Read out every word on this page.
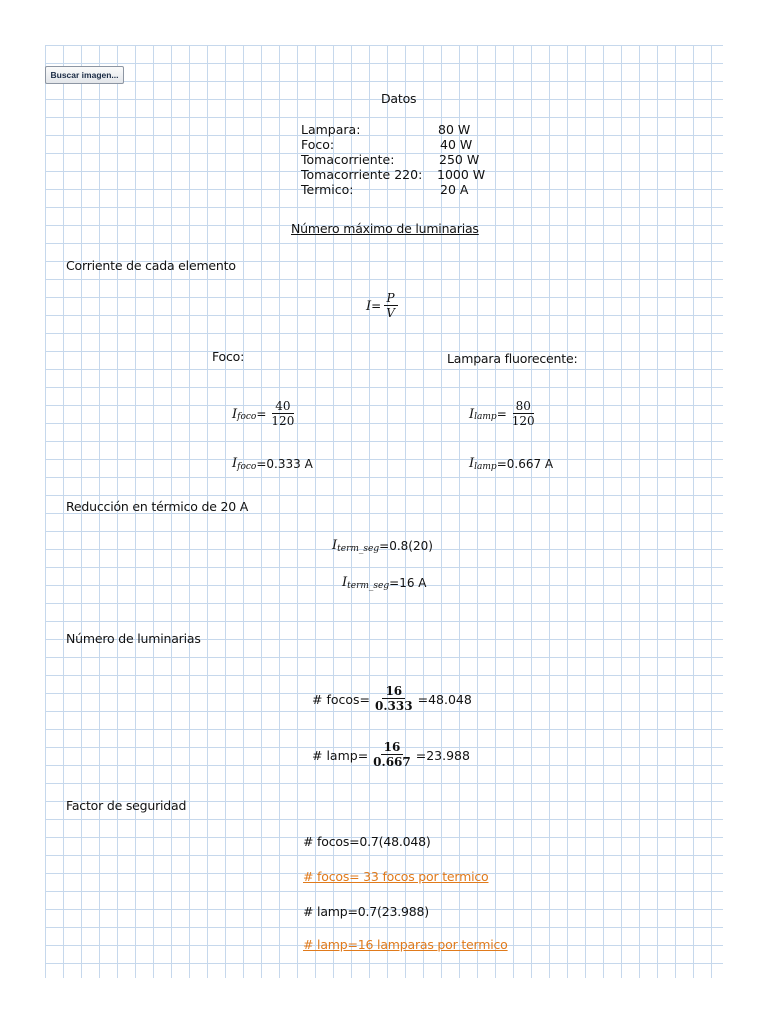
Buscar imagen...
Datos
Lampara:	80 W
Foco:	40 W
Tomacorriente:	250 W
Tomacorriente 220: 1000 W
Termico:	20 A
Número máximo de luminarias
Corriente de cada elemento
$I = \frac{P}{V}$
Foco:	Lampara fluorecente:
I foco = $\frac{40}{120}$
I foco =0.333 A
I lamp = $\frac{80}{120}$
I lamp =0.667 A
Reducción en térmico de 20 A
I term_seg =0.8(20)
I term_seg =16 A
Número de luminarias
# $focos= \frac{16}{0.333} =48.048$
# lamp= $\frac{16}{0.667} =23.988$
Factor de seguridad
# focos=0.7(48.048)
# focos= 33 focos por termico
# lamp=0.7(23.988)
# lamp=16 lamparas por termico
